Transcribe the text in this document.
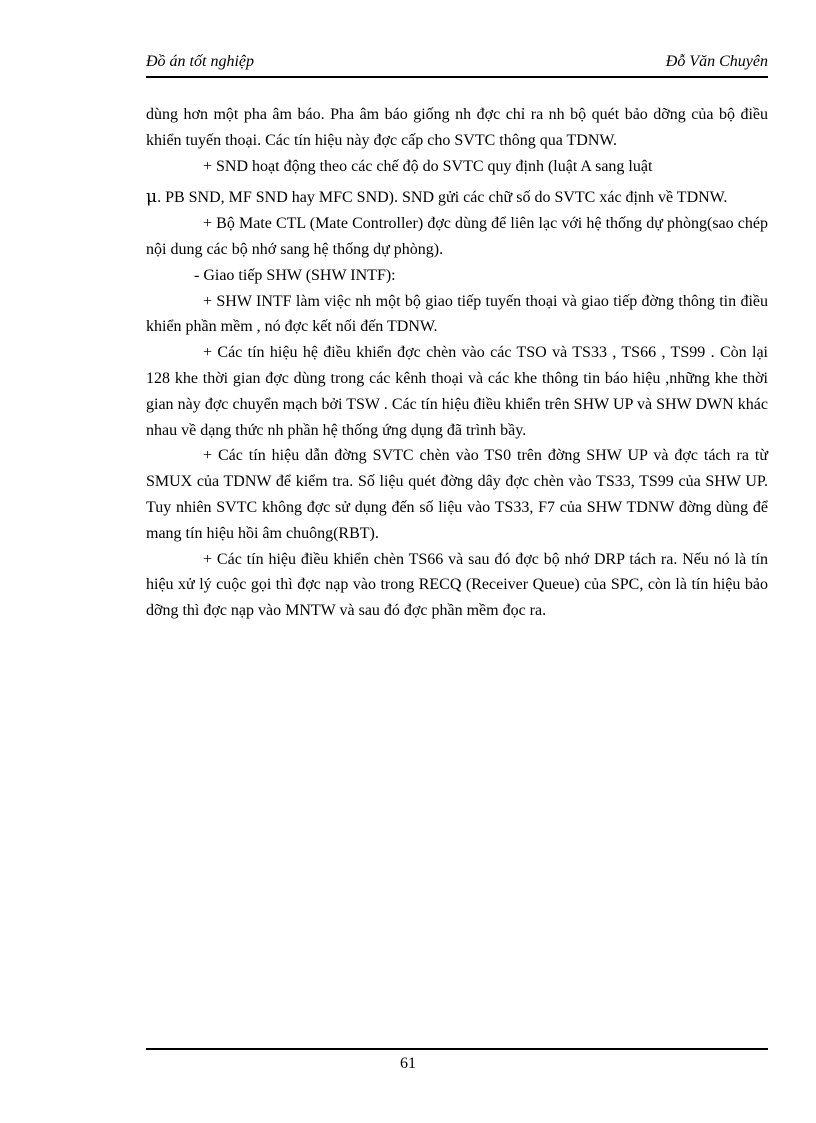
Đồ án tốt nghiệp	Đỗ Văn Chuyên

dùng hơn một pha âm báo. Pha âm báo giống nh đợc chỉ ra nh bộ quét bảo dỡng của bộ điều khiển tuyến thoại. Các tín hiệu này đợc cấp cho SVTC thông qua TDNW.

+ SND hoạt động theo các chế độ do SVTC quy định (luật A sang luật

μ. PB SND, MF SND hay MFC SND). SND gửi các chữ số do SVTC xác định về TDNW.

+ Bộ Mate CTL (Mate Controller) đợc dùng để liên lạc với hệ thống dự phòng(sao chép nội dung các bộ nhớ sang hệ thống dự phòng).

- Giao tiếp SHW (SHW INTF):

+ SHW INTF làm việc nh một bộ giao tiếp tuyến thoại và giao tiếp đờng thông tin điều khiển phần mềm , nó đợc kết nối đến TDNW.

+ Các tín hiệu hệ điều khiển đợc chèn vào các TSO và TS33 , TS66 , TS99 . Còn lại 128 khe thời gian đợc dùng trong các kênh thoại và các khe thông tin báo hiệu ,những khe thời gian này đợc chuyển mạch bởi TSW . Các tín hiệu điều khiển trên SHW UP và SHW DWN khác nhau về dạng thức nh phần hệ thống ứng dụng đã trình bầy.

+ Các tín hiệu dẫn đờng SVTC chèn vào TS0 trên đờng SHW UP và đợc tách ra từ SMUX của TDNW để kiểm tra. Số liệu quét đờng dây đợc chèn vào TS33, TS99 của SHW UP. Tuy nhiên SVTC không đợc sử dụng đến số liệu vào TS33, F7 của SHW TDNW đờng dùng để mang tín hiệu hồi âm chuông(RBT).

+ Các tín hiệu điều khiển chèn TS66 và sau đó đợc bộ nhớ DRP tách ra. Nếu nó là tín hiệu xử lý cuộc gọi thì đợc nạp vào trong RECQ (Receiver Queue) của SPC, còn là tín hiệu bảo dỡng thì đợc nạp vào MNTW và sau đó đợc phần mềm đọc ra.

61
